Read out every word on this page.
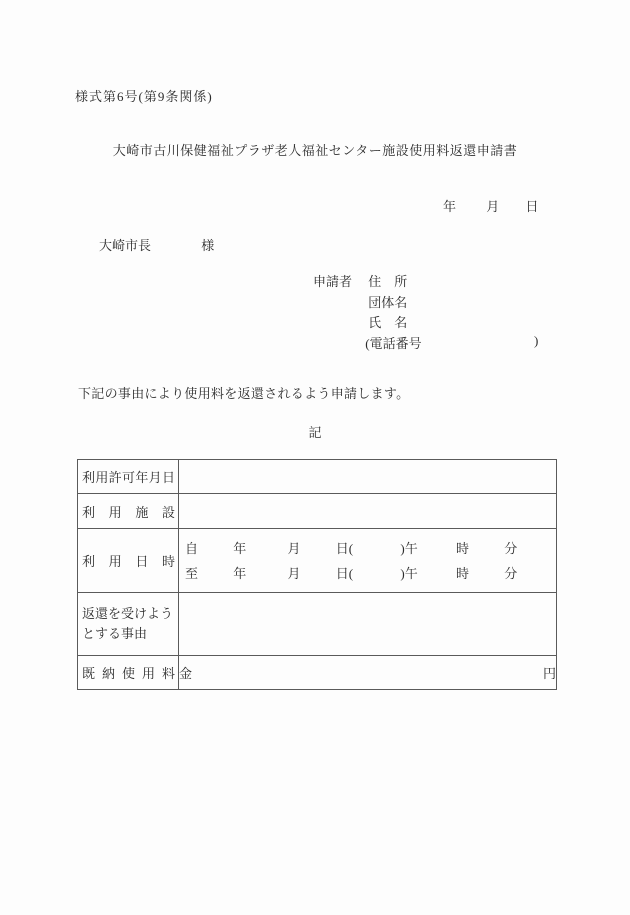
様式第6号(第9条関係)
大崎市古川保健福祉プラザ老人福祉センター施設使用料返還申請書
年 月 日
大崎市長	様
申請者 住　所
団体名
氏　名
(電話番号	)
下記の事由により使用料を返還されるよう申請します。
記
利用許可年月日	
利用施設	
利用日時	自 年 月 日( )午 時 分
至 年 月 日( )午 時 分

返還を受けよう
とする事由	
既納使用料	金 円
